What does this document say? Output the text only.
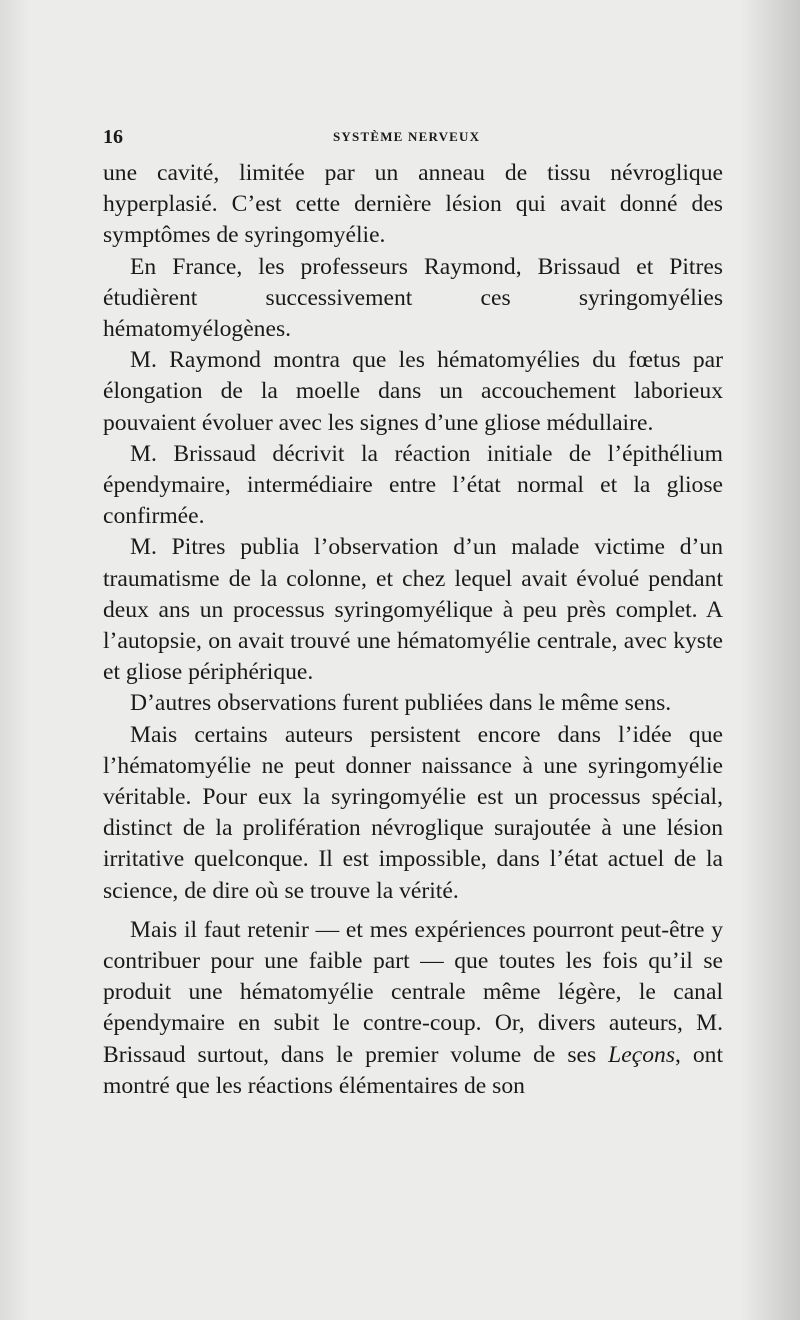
16	SYSTÈME NERVEUX

une cavité, limitée par un anneau de tissu névroglique hyperplasié. C’est cette dernière lésion qui avait donné des symptômes de syringomyélie.

En France, les professeurs Raymond, Brissaud et Pitres étudièrent successivement ces syringomyélies hématomyélogènes.

M. Raymond montra que les hématomyélies du fœtus par élongation de la moelle dans un accouchement laborieux pouvaient évoluer avec les signes d’une gliose médullaire.

M. Brissaud décrivit la réaction initiale de l’épithélium épendymaire, intermédiaire entre l’état normal et la gliose confirmée.

M. Pitres publia l’observation d’un malade victime d’un traumatisme de la colonne, et chez lequel avait évolué pendant deux ans un processus syringomyélique à peu près complet. A l’autopsie, on avait trouvé une hématomyélie centrale, avec kyste et gliose périphérique.

D’autres observations furent publiées dans le même sens.

Mais certains auteurs persistent encore dans l’idée que l’hématomyélie ne peut donner naissance à une syringomyélie véritable. Pour eux la syringomyélie est un processus spécial, distinct de la prolifération névroglique surajoutée à une lésion irritative quelconque. Il est impossible, dans l’état actuel de la science, de dire où se trouve la vérité.

Mais il faut retenir — et mes expériences pourront peut-être y contribuer pour une faible part — que toutes les fois qu’il se produit une hématomyélie centrale même légère, le canal épendymaire en subit le contre-coup. Or, divers auteurs, M. Brissaud surtout, dans le premier volume de ses Leçons, ont montré que les réactions élémentaires de son
